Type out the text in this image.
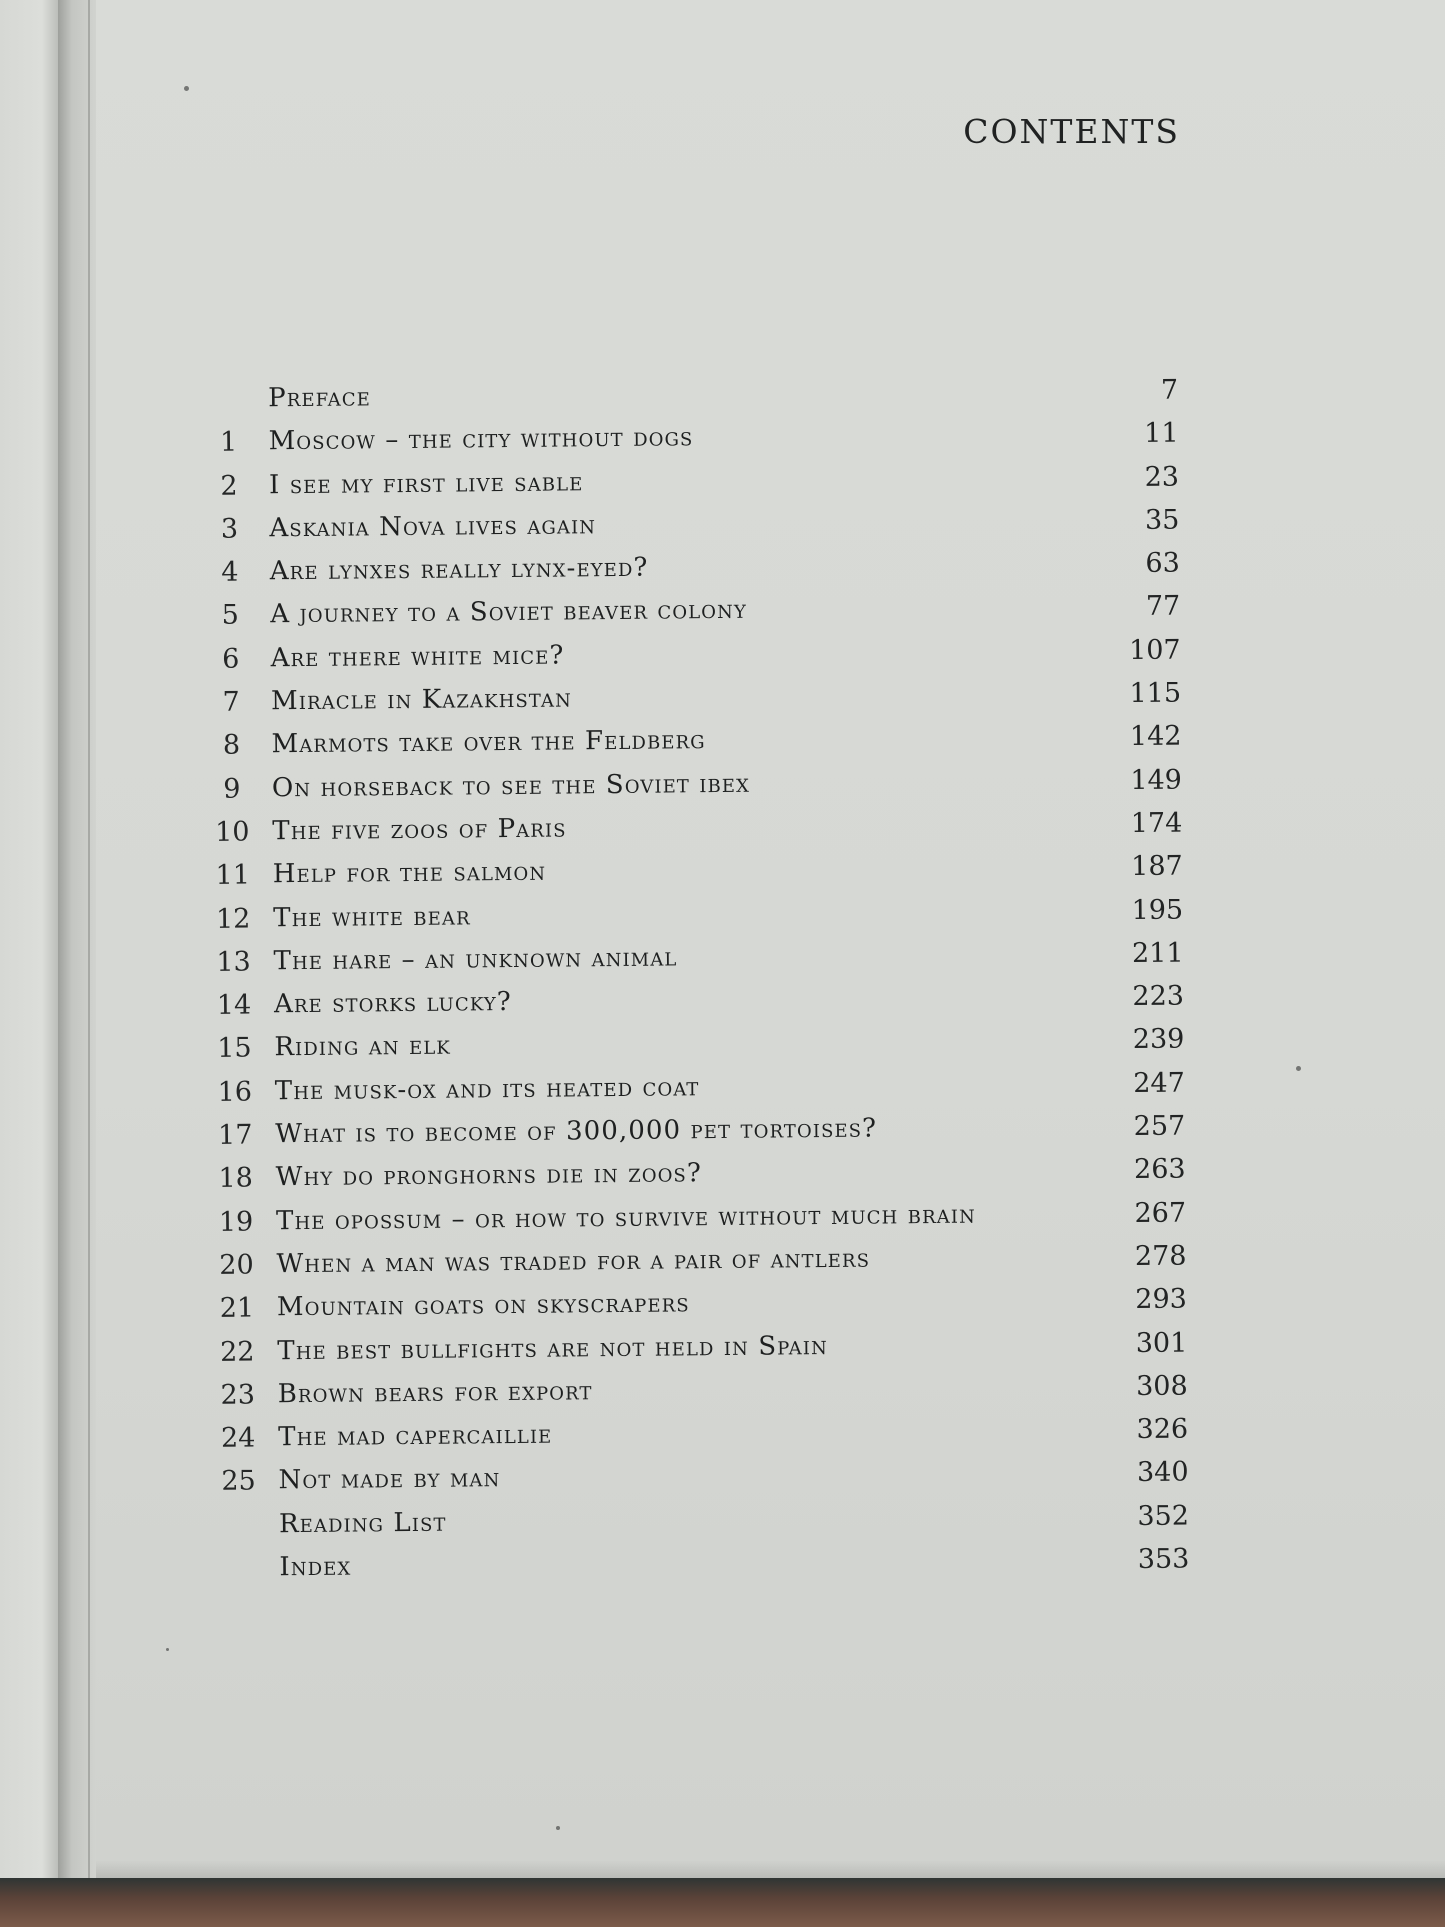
CONTENTS
Preface	7
1	Moscow – the city without dogs	11
2	I see my first live sable	23
3	Askania Nova lives again	35
4	Are lynxes really lynx-eyed?	63
5	A journey to a Soviet beaver colony	77
6	Are there white mice?	107
7	Miracle in Kazakhstan	115
8	Marmots take over the Feldberg	142
9	On horseback to see the Soviet ibex	149
10 The five zoos of Paris	174
11 Help for the salmon	187
12 The white bear	195
13 The hare – an unknown animal	211
14 Are storks lucky?	223
15 Riding an elk	239
16 The musk-ox and its heated coat	247
17 What is to become of 300,000 pet tortoises?	257
18 Why do pronghorns die in zoos?	263
19 The opossum – or how to survive without much brain	267
20 When a man was traded for a pair of antlers	278
21 Mountain goats on skyscrapers	293
22 The best bullfights are not held in Spain	301
23 Brown bears for export	308
24 The mad capercaillie	326
25 Not made by man	340
Reading List	352
Index	353
